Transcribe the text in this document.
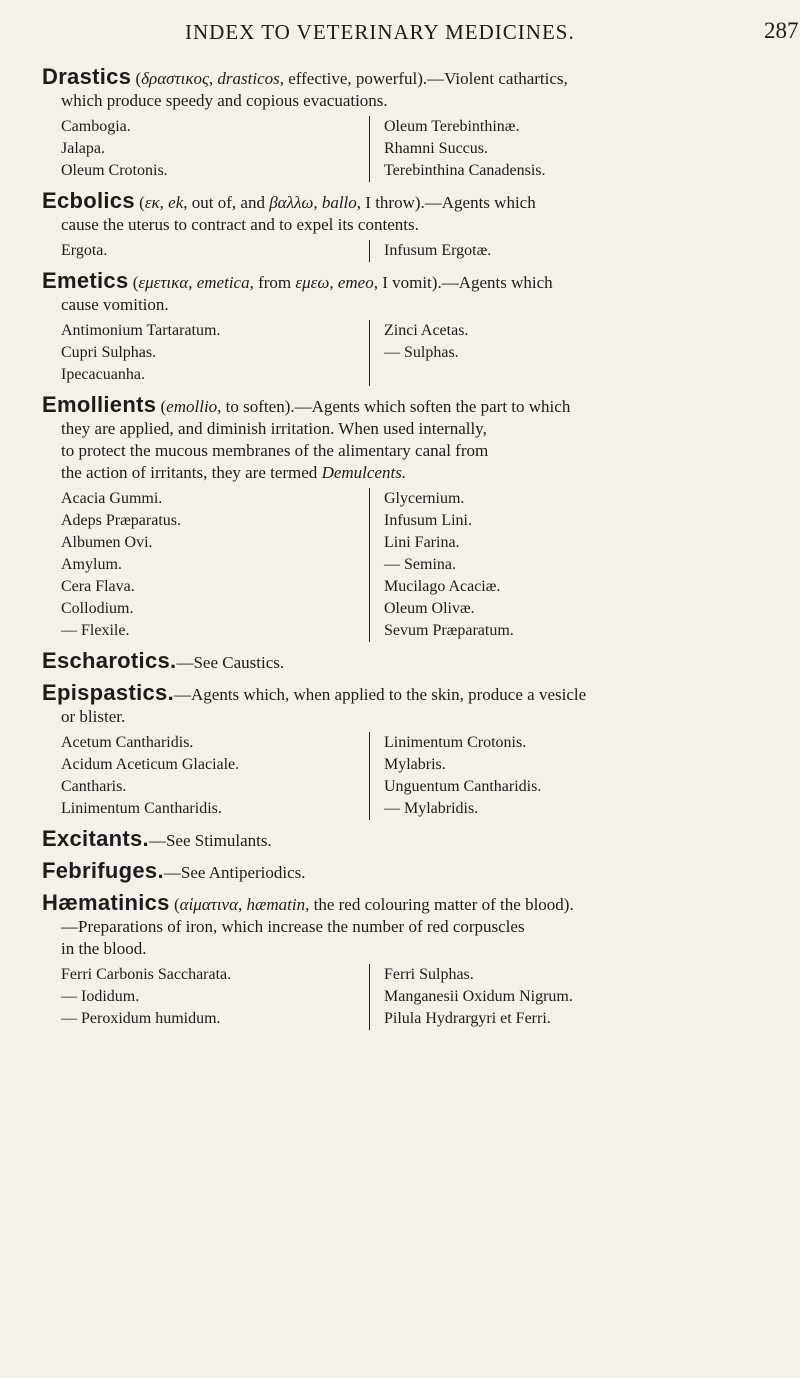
INDEX TO VETERINARY MEDICINES.	287
Drastics (δραστικος, drasticos, effective, powerful).—Violent cathartics,
which produce speedy and copious evacuations.
Cambogia.
Jalapa.
Oleum Crotonis.
Oleum Terebinthinæ.
Rhamni Succus.
Terebinthina Canadensis.
Ecbolics (εκ, ek, out of, and βαλλω, ballo, I throw).—Agents which
cause the uterus to contract and to expel its contents.
Ergota.	Infusum Ergotæ.
Emetics (εμετικα, emetica, from εμεω, emeo, I vomit).—Agents which
cause vomition.
Antimonium Tartaratum.
Cupri Sulphas.
Ipecacuanha.
Zinci Acetas.
— Sulphas.
Emollients (emollio, to soften).—Agents which soften the part to which
they are applied, and diminish irritation. When used internally,
to protect the mucous membranes of the alimentary canal from
the action of irritants, they are termed Demulcents.
Acacia Gummi.
Adeps Præparatus.
Albumen Ovi.
Amylum.
Cera Flava.
Collodium.
— Flexile.
Glycernium.
Infusum Lini.
Lini Farina.
— Semina.
Mucilago Acaciæ.
Oleum Olivæ.
Sevum Præparatum.
Escharotics.—See Caustics.
Epispastics.—Agents which, when applied to the skin, produce a vesicle
or blister.
Acetum Cantharidis.
Acidum Aceticum Glaciale.
Cantharis.
Linimentum Cantharidis.
Linimentum Crotonis.
Mylabris.
Unguentum Cantharidis.
— Mylabridis.
Excitants.—See Stimulants.
Febrifuges.—See Antiperiodics.
Hæmatinics (αἱματινα, hæmatin, the red colouring matter of the blood).
—Preparations of iron, which increase the number of red corpuscles
in the blood.
Ferri Carbonis Saccharata.
— Iodidum.
— Peroxidum humidum.
Ferri Sulphas.
Manganesii Oxidum Nigrum.
Pilula Hydrargyri et Ferri.
